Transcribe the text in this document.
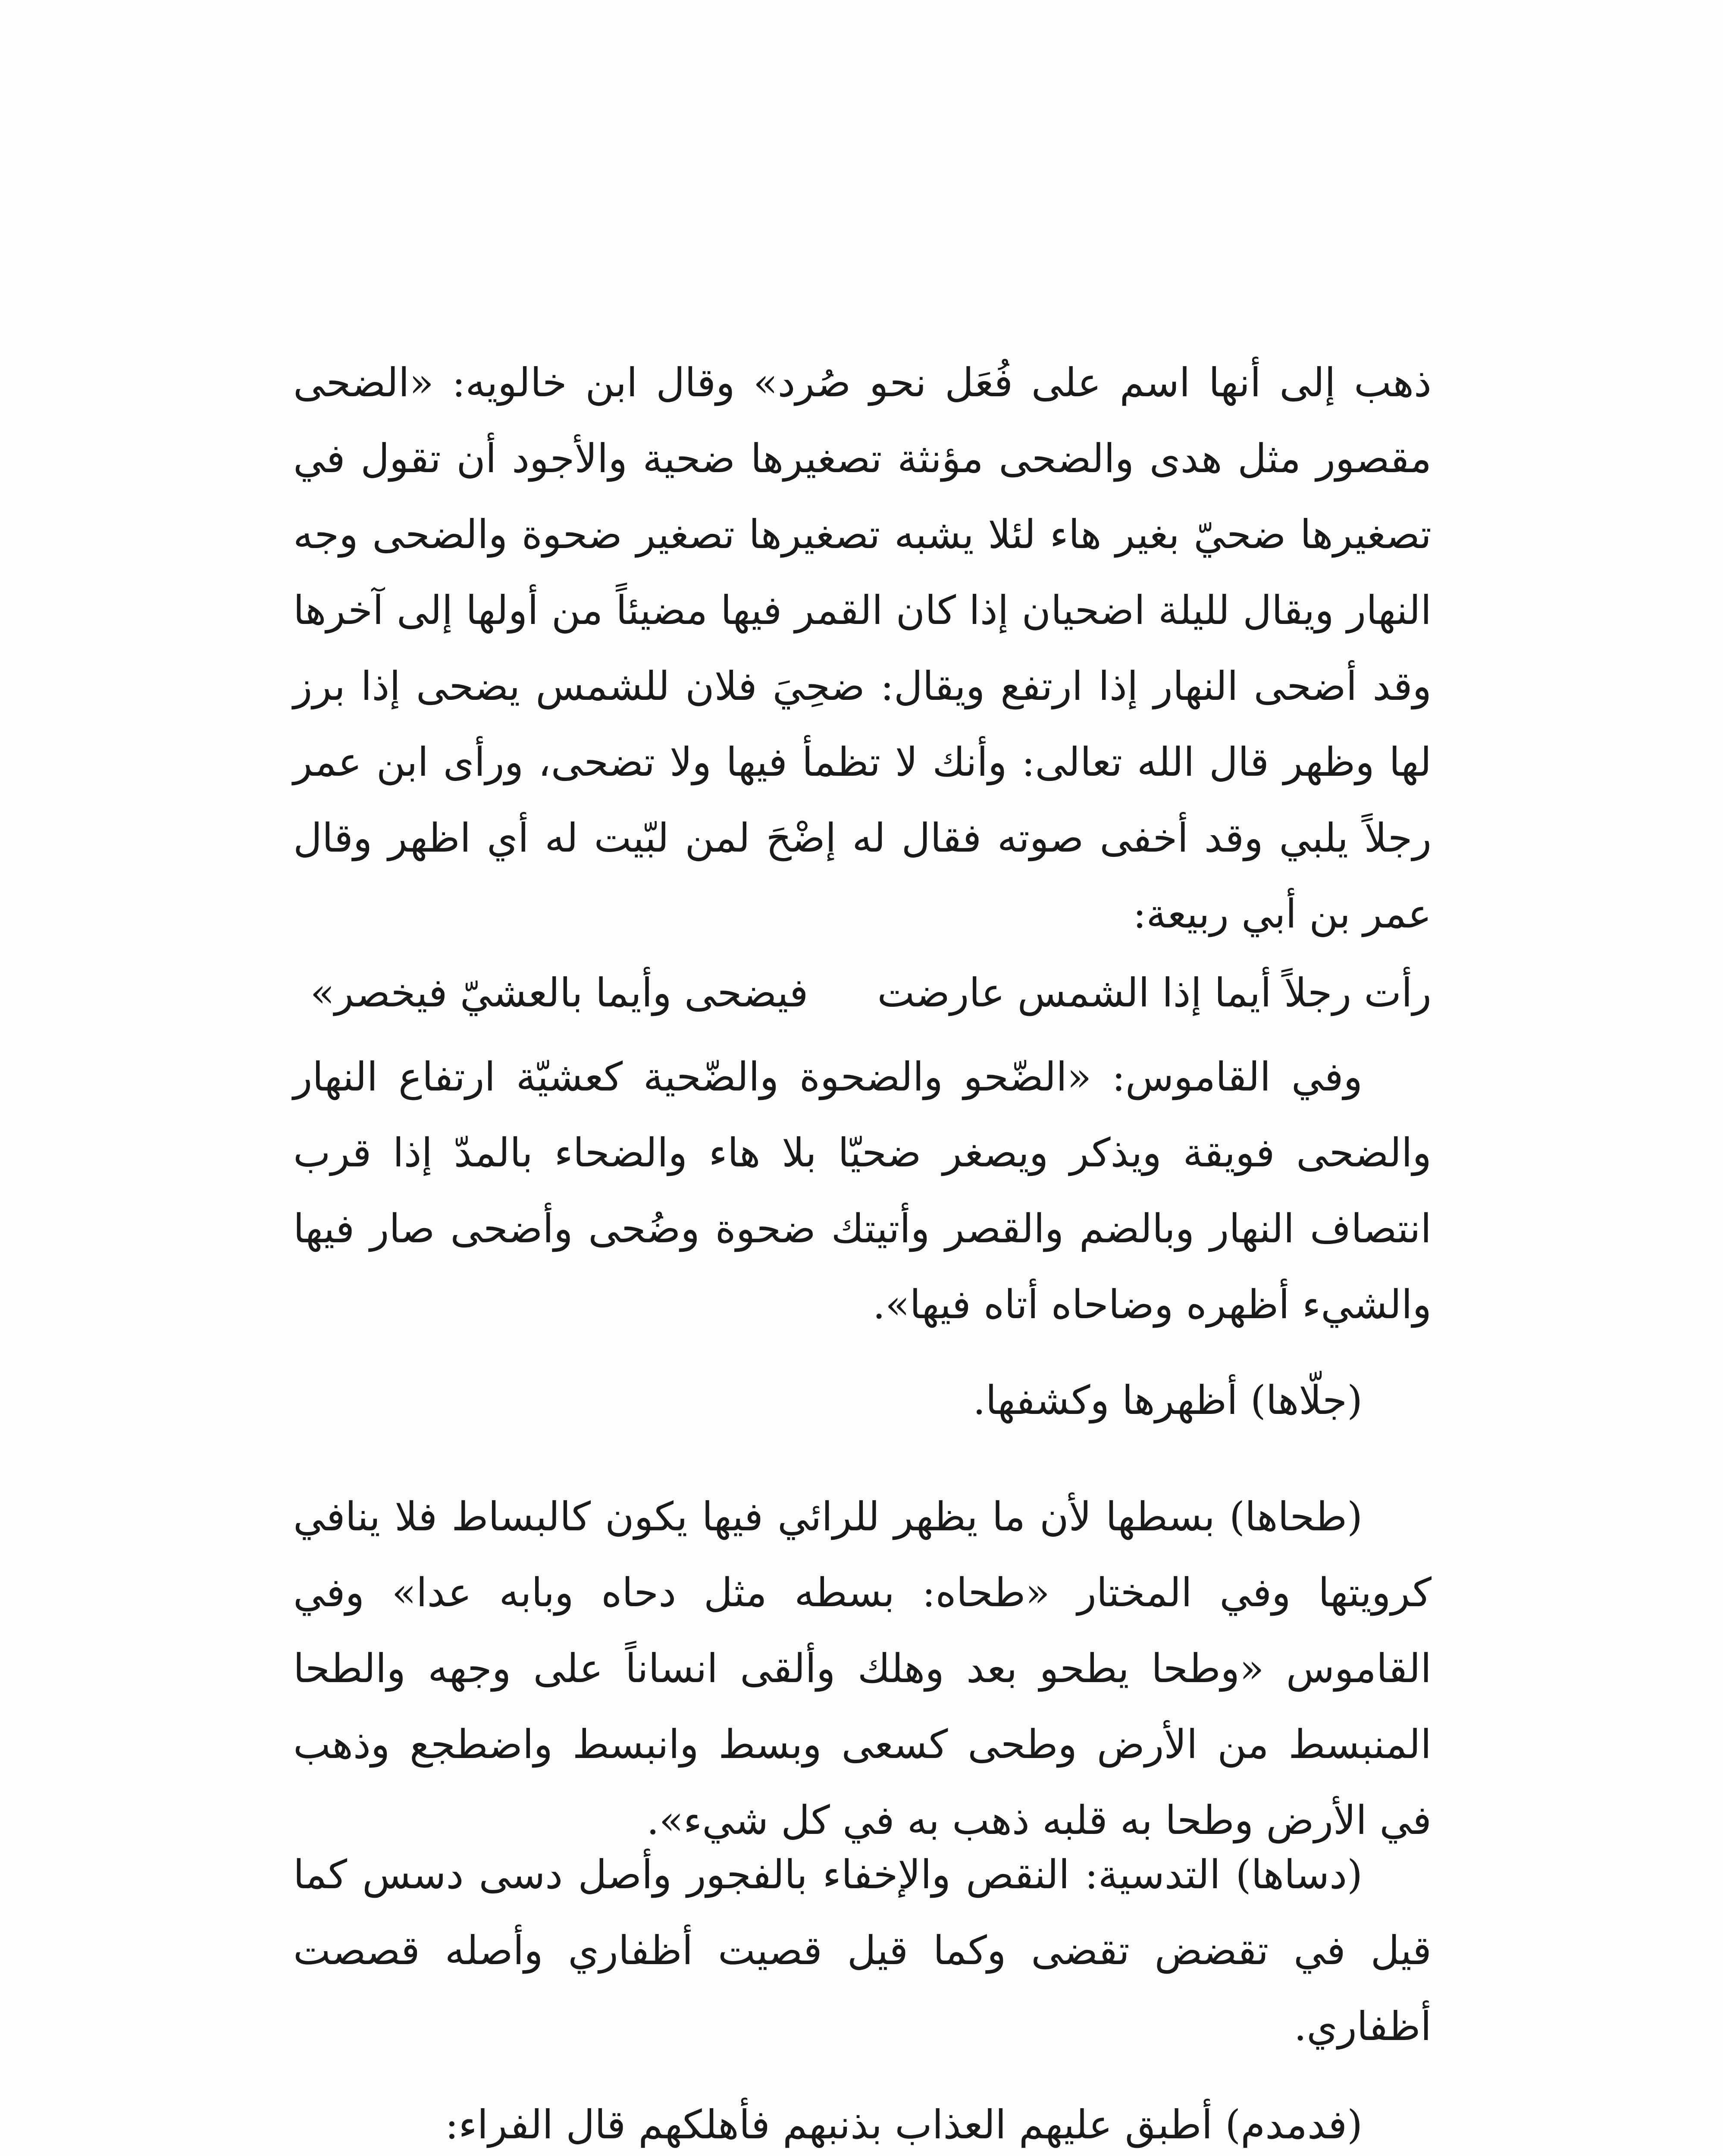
ذهب إلى أنها اسم على فُعَل نحو صُرد» وقال ابن خالويه: «الضحى مقصور مثل هدى والضحى مؤنثة تصغيرها ضحية والأجود أن تقول في تصغيرها ضحيّ بغير هاء لئلا يشبه تصغيرها تصغير ضحوة والضحى وجه النهار ويقال لليلة اضحيان إذا كان القمر فيها مضيئاً من أولها إلى آخرها وقد أضحى النهار إذا ارتفع ويقال: ضحِيَ فلان للشمس يضحى إذا برز لها وظهر قال الله تعالى: وأنك لا تظمأ فيها ولا تضحى، ورأى ابن عمر رجلاً يلبي وقد أخفى صوته فقال له إضْحَ لمن لبّيت له أي اظهر وقال عمر بن أبي ربيعة:

رأت رجلاً أيما إذا الشمس عارضتفيضحى وأيما بالعشيّ فيخصر»

وفي القاموس: «الضّحو والضحوة والضّحية كعشيّة ارتفاع النهار والضحى فويقة ويذكر ويصغر ضحيّا بلا هاء والضحاء بالمدّ إذا قرب انتصاف النهار وبالضم والقصر وأتيتك ضحوة وضُحى وأضحى صار فيها والشيء أظهره وضاحاه أتاه فيها».

(جلّاها) أظهرها وكشفها.

(طحاها) بسطها لأن ما يظهر للرائي فيها يكون كالبساط فلا ينافي كرويتها وفي المختار «طحاه: بسطه مثل دحاه وبابه عدا» وفي القاموس «وطحا يطحو بعد وهلك وألقى انساناً على وجهه والطحا المنبسط من الأرض وطحى كسعى وبسط وانبسط واضطجع وذهب في الأرض وطحا به قلبه ذهب به في كل شيء».

(دساها) التدسية: النقص والإخفاء بالفجور وأصل دسى دسس كما قيل في تقضض تقضى وكما قيل قصيت أظفاري وأصله قصصت أظفاري.

(فدمدم) أطبق عليهم العذاب بذنبهم فأهلكهم قال الفراء:
